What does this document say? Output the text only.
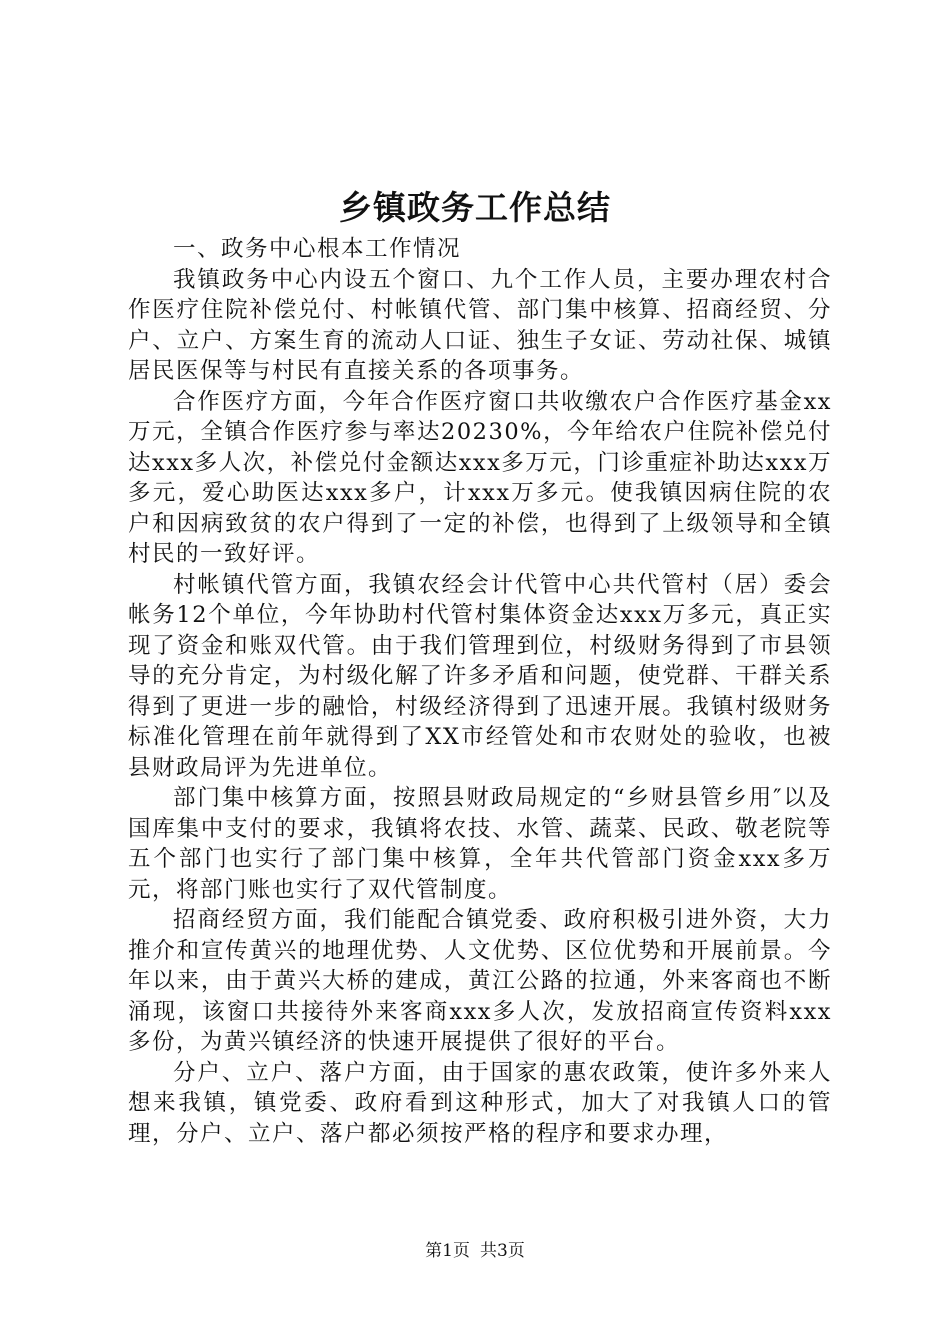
乡镇政务工作总结

一、政务中心根本工作情况

我镇政务中心内设五个窗口、九个工作人员，主要办理农村合作医疗住院补偿兑付、村帐镇代管、部门集中核算、招商经贸、分户、立户、方案生育的流动人口证、独生子女证、劳动社保、城镇居民医保等与村民有直接关系的各项事务。

合作医疗方面，今年合作医疗窗口共收缴农户合作医疗基金xx万元，全镇合作医疗参与率达20230%，今年给农户住院补偿兑付达xxx多人次，补偿兑付金额达xxx多万元，门诊重症补助达xxx万多元，爱心助医达xxx多户，计xxx万多元。使我镇因病住院的农户和因病致贫的农户得到了一定的补偿，也得到了上级领导和全镇村民的一致好评。

村帐镇代管方面，我镇农经会计代管中心共代管村（居）委会帐务12个单位，今年协助村代管村集体资金达xxx万多元，真正实现了资金和账双代管。由于我们管理到位，村级财务得到了市县领导的充分肯定，为村级化解了许多矛盾和问题，使党群、干群关系得到了更进一步的融恰，村级经济得到了迅速开展。我镇村级财务标准化管理在前年就得到了XX市经管处和市农财处的验收，也被县财政局评为先进单位。

部门集中核算方面，按照县财政局规定的“乡财县管乡用″以及国库集中支付的要求，我镇将农技、水管、蔬菜、民政、敬老院等五个部门也实行了部门集中核算，全年共代管部门资金xxx多万元，将部门账也实行了双代管制度。

招商经贸方面，我们能配合镇党委、政府积极引进外资，大力推介和宣传黄兴的地理优势、人文优势、区位优势和开展前景。今年以来，由于黄兴大桥的建成，黄江公路的拉通，外来客商也不断涌现，该窗口共接待外来客商xxx多人次，发放招商宣传资料xxx多份，为黄兴镇经济的快速开展提供了很好的平台。

分户、立户、落户方面，由于国家的惠农政策，使许多外来人想来我镇，镇党委、政府看到这种形式，加大了对我镇人口的管理，分户、立户、落户都必须按严格的程序和要求办理，

第1页 共3页
